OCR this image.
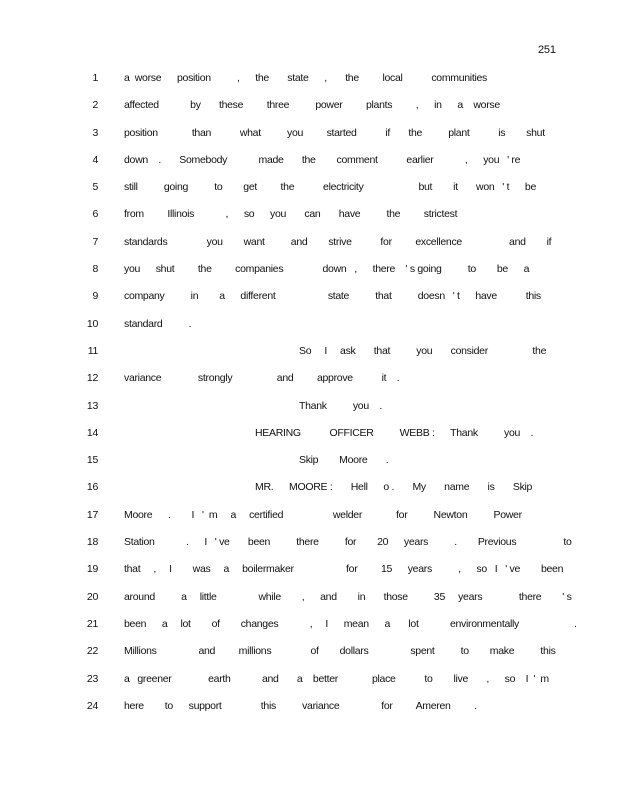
251
1 a  worse      position          ,      the       state      ,       the         local           communities
2 affected            by       these         three          power         plants         ,      in      a    worse
3 position             than           what          you         started           if       the          plant           is        shut
4 down    .       Somebody            made       the        comment           earlier            ,      you   ' re
5 still          going          to        get         the           electricity                     but        it       won   ' t      be
6 from         Illinois            ,      so      you       can       have          the         strictest
7 standards               you        want          and        strive           for         excellence                  and        if
8 you      shut         the         companies               down   ,      there    ' s going          to        be      a
9 company          in        a      different                    state          that          doesn   ' t      have           this
10 standard          .
11	So     I     ask       that          you       consider                 the
12 variance              strongly                 and         approve           it    .
13	Thank          you    .
14	HEARING           OFFICER          WEBB :      Thank          you    .
15	Skip        Moore       .
16	MR.      MOORE :       Hell      o .       My       name       is       Skip
17 Moore      .        I   '  m     a     certified                   welder             for          Newton          Power
18 Station            .      I   ' ve       been          there          for        20      years          .        Previous                  to
19 that     ,     I        was     a     boilermaker                    for         15      years          ,      so   I   ' ve        been
20 around          a     little                while        ,      and        in       those          35     years              there        ' s
21 been      a     lot        of        changes            ,     I      mean      a       lot            environmentally                     .
22 Millions                and         millions               of        dollars                spent          to        make          this
23 a   greener              earth            and       a    better             place           to        live       ,      so    I  '  m
24 here        to      support               this          variance                for         Ameren         .
